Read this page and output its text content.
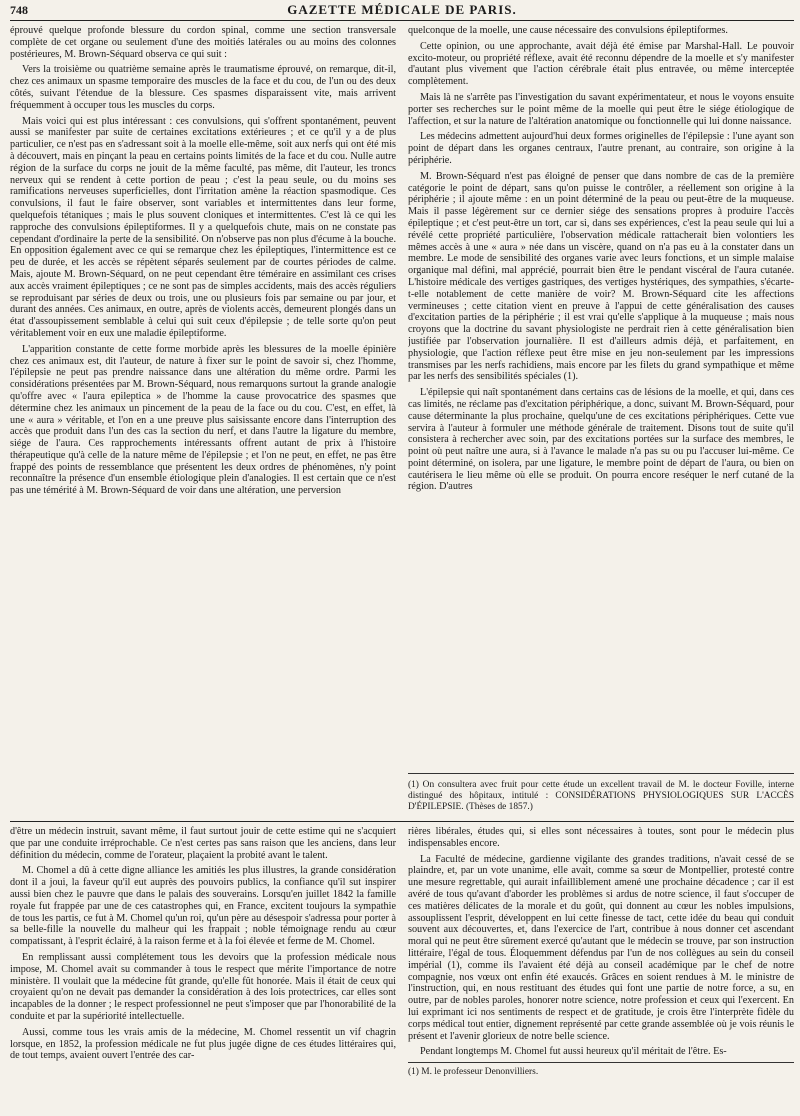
748	GAZETTE MÉDICALE DE PARIS.

éprouvé quelque profonde blessure du cordon spinal, comme une section transversale complète de cet organe ou seulement d'une des moitiés latérales ou au moins des colonnes postérieures, M. Brown-Séquard observa ce qui suit :

Vers la troisième ou quatrième semaine après le traumatisme éprouvé, on remarque, dit-il, chez ces animaux un spasme temporaire des muscles de la face et du cou, de l'un ou des deux côtés, suivant l'étendue de la blessure. Ces spasmes disparaissent vite, mais arrivent fréquemment à occuper tous les muscles du corps.

Mais voici qui est plus intéressant : ces convulsions, qui s'offrent spontanément, peuvent aussi se manifester par suite de certaines excitations extérieures ; et ce qu'il y a de plus particulier, ce n'est pas en s'adressant soit à la moelle elle-même, soit aux nerfs qui ont été mis à découvert, mais en pinçant la peau en certains points limités de la face et du cou. Nulle autre région de la surface du corps ne jouit de la même faculté, pas même, dit l'auteur, les troncs nerveux qui se rendent à cette portion de peau ; c'est la peau seule, ou du moins ses ramifications nerveuses superficielles, dont l'irritation amène la réaction spasmodique. Ces convulsions, il faut le faire observer, sont variables et intermittentes dans leur forme, quelquefois tétaniques ; mais le plus souvent cloniques et intermittentes. C'est là ce qui les rapproche des convulsions épileptiformes. Il y a quelquefois chute, mais on ne constate pas cependant d'ordinaire la perte de la sensibilité. On n'observe pas non plus d'écume à la bouche. En opposition également avec ce qui se remarque chez les épileptiques, l'intermittence est ce peu de durée, et les accès se répètent séparés seulement par de courtes périodes de calme. Mais, ajoute M. Brown-Séquard, on ne peut cependant être téméraire en assimilant ces crises aux accès vraiment épileptiques ; ce ne sont pas de simples accidents, mais des accès réguliers se reproduisant par séries de deux ou trois, une ou plusieurs fois par semaine ou par jour, et durant des années. Ces animaux, en outre, après de violents accès, demeurent plongés dans un état d'assoupissement semblable à celui qui suit ceux d'épilepsie ; de telle sorte qu'on peut véritablement voir en eux une maladie épileptiforme.

L'apparition constante de cette forme morbide après les blessures de la moelle épinière chez ces animaux est, dit l'auteur, de nature à fixer sur le point de savoir si, chez l'homme, l'épilepsie ne peut pas prendre naissance dans une altération du même ordre. Parmi les considérations présentées par M. Brown-Séquard, nous remarquons surtout la grande analogie qu'offre avec « l'aura epileptica » de l'homme la cause provocatrice des spasmes que détermine chez les animaux un pincement de la peau de la face ou du cou. C'est, en effet, là une « aura » véritable, et l'on en a une preuve plus saisissante encore dans l'interruption des accès que produit dans l'un des cas la section du nerf, et dans l'autre la ligature du membre, siége de l'aura. Ces rapprochements intéressants offrent autant de prix à l'histoire thérapeutique qu'à celle de la nature même de l'épilepsie ; et l'on ne peut, en effet, ne pas être frappé des points de ressemblance que présentent les deux ordres de phénomènes, n'y point reconnaître la présence d'un ensemble étiologique plein d'analogies. Il est certain que ce n'est pas une témérité à M. Brown-Séquard de voir dans une altération, une perversion

quelconque de la moelle, une cause nécessaire des convulsions épileptiformes.

Cette opinion, ou une approchante, avait déjà été émise par Marshal-Hall. Le pouvoir excito-moteur, ou propriété réflexe, avait été reconnu dépendre de la moelle et s'y manifester d'autant plus vivement que l'action cérébrale était plus entravée, ou même interceptée complètement.

Mais là ne s'arrête pas l'investigation du savant expérimentateur, et nous le voyons ensuite porter ses recherches sur le point même de la moelle qui peut être le siége étiologique de l'affection, et sur la nature de l'altération anatomique ou fonctionnelle qui lui donne naissance.

Les médecins admettent aujourd'hui deux formes originelles de l'épilepsie : l'une ayant son point de départ dans les organes centraux, l'autre prenant, au contraire, son origine à la périphérie.

M. Brown-Séquard n'est pas éloigné de penser que dans nombre de cas de la première catégorie le point de départ, sans qu'on puisse le contrôler, a réellement son origine à la périphérie ; il ajoute même : en un point déterminé de la peau ou peut-être de la muqueuse. Mais il passe légèrement sur ce dernier siége des sensations propres à produire l'accès épileptique ; et c'est peut-être un tort, car si, dans ses expériences, c'est la peau seule qui lui a révélé cette propriété particulière, l'observation médicale rattacherait bien volontiers les mêmes accès à une « aura » née dans un viscère, quand on n'a pas eu à la constater dans un membre. Le mode de sensibilité des organes varie avec leurs fonctions, et un simple malaise organique mal défini, mal apprécié, pourrait bien être le pendant viscéral de l'aura cutanée. L'histoire médicale des vertiges gastriques, des vertiges hystériques, des sympathies, s'écarte-t-elle notablement de cette manière de voir? M. Brown-Séquard cite les affections vermineuses ; cette citation vient en preuve à l'appui de cette généralisation des causes d'excitation parties de la périphérie ; il est vrai qu'elle s'applique à la muqueuse ; mais nous croyons que la doctrine du savant physiologiste ne perdrait rien à cette généralisation bien justifiée par l'observation journalière. Il est d'ailleurs admis déjà, et parfaitement, en physiologie, que l'action réflexe peut être mise en jeu non-seulement par les impressions transmises par les nerfs rachidiens, mais encore par les filets du grand sympathique et même par les nerfs des sensibilités spéciales (1).

L'épilepsie qui naît spontanément dans certains cas de lésions de la moelle, et qui, dans ces cas limités, ne réclame pas d'excitation périphérique, a donc, suivant M. Brown-Séquard, pour cause déterminante la plus prochaine, quelqu'une de ces excitations périphériques. Cette vue servira à l'auteur à formuler une méthode générale de traitement. Disons tout de suite qu'il consistera à rechercher avec soin, par des excitations portées sur la surface des membres, le point où peut naître une aura, si à l'avance le malade n'a pas su ou pu l'accuser lui-même. Ce point déterminé, on isolera, par une ligature, le membre point de départ de l'aura, ou bien on cautérisera le lieu même où elle se produit. On pourra encore reséquer le nerf cutané de la région. D'autres

(1) On consultera avec fruit pour cette étude un excellent travail de M. le docteur Foville, interne distingué des hôpitaux, intitulé : CONSIDÉRATIONS PHYSIOLOGIQUES SUR L'ACCÈS D'ÉPILEPSIE. (Thèses de 1857.)

d'être un médecin instruit, savant même, il faut surtout jouir de cette estime qui ne s'acquiert que par une conduite irréprochable. Ce n'est certes pas sans raison que les anciens, dans leur définition du médecin, comme de l'orateur, plaçaient la probité avant le talent.

M. Chomel a dû à cette digne alliance les amitiés les plus illustres, la grande considération dont il a joui, la faveur qu'il eut auprès des pouvoirs publics, la confiance qu'il sut inspirer aussi bien chez le pauvre que dans le palais des souverains. Lorsqu'en juillet 1842 la famille royale fut frappée par une de ces catastrophes qui, en France, excitent toujours la sympathie de tous les partis, ce fut à M. Chomel qu'un roi, qu'un père au désespoir s'adressa pour porter à sa belle-fille la nouvelle du malheur qui les frappait ; noble témoignage rendu au cœur compatissant, à l'esprit éclairé, à la raison ferme et à la foi élevée et ferme de M. Chomel.

En remplissant aussi complétement tous les devoirs que la profession médicale nous impose, M. Chomel avait su commander à tous le respect que mérite l'importance de notre ministère. Il voulait que la médecine fût grande, qu'elle fût honorée. Mais il était de ceux qui croyaient qu'on ne devait pas demander la considération à des lois protectrices, car elles sont incapables de la donner ; le respect professionnel ne peut s'imposer que par l'honorabilité de la conduite et par la supériorité intellectuelle.

Aussi, comme tous les vrais amis de la médecine, M. Chomel ressentit un vif chagrin lorsque, en 1852, la profession médicale ne fut plus jugée digne de ces études littéraires qui, de tout temps, avaient ouvert l'entrée des car-

rières libérales, études qui, si elles sont nécessaires à toutes, sont pour le médecin plus indispensables encore.

La Faculté de médecine, gardienne vigilante des grandes traditions, n'avait cessé de se plaindre, et, par un vote unanime, elle avait, comme sa sœur de Montpellier, protesté contre une mesure regrettable, qui aurait infailliblement amené une prochaine décadence ; car il est avéré de tous qu'avant d'aborder les problèmes si ardus de notre science, il faut s'occuper de ces matières délicates de la morale et du goût, qui donnent au cœur les nobles impulsions, assouplissent l'esprit, développent en lui cette finesse de tact, cette idée du beau qui conduit souvent aux découvertes, et, dans l'exercice de l'art, contribue à nous donner cet ascendant moral qui ne peut être sûrement exercé qu'autant que le médecin se trouve, par son instruction littéraire, l'égal de tous. Éloquemment défendus par l'un de nos collègues au sein du conseil impérial (1), comme ils l'avaient été déjà au conseil académique par le chef de notre compagnie, nos vœux ont enfin été exaucés. Grâces en soient rendues à M. le ministre de l'instruction, qui, en nous restituant des études qui font une partie de notre force, a su, en outre, par de nobles paroles, honorer notre science, notre profession et ceux qui l'exercent. En lui exprimant ici nos sentiments de respect et de gratitude, je crois être l'interprète fidèle du corps médical tout entier, dignement représenté par cette grande assemblée où je vois réunis le présent et l'avenir glorieux de notre belle science.

Pendant longtemps M. Chomel fut aussi heureux qu'il méritait de l'être. Es-

(1) M. le professeur Denonvilliers.
